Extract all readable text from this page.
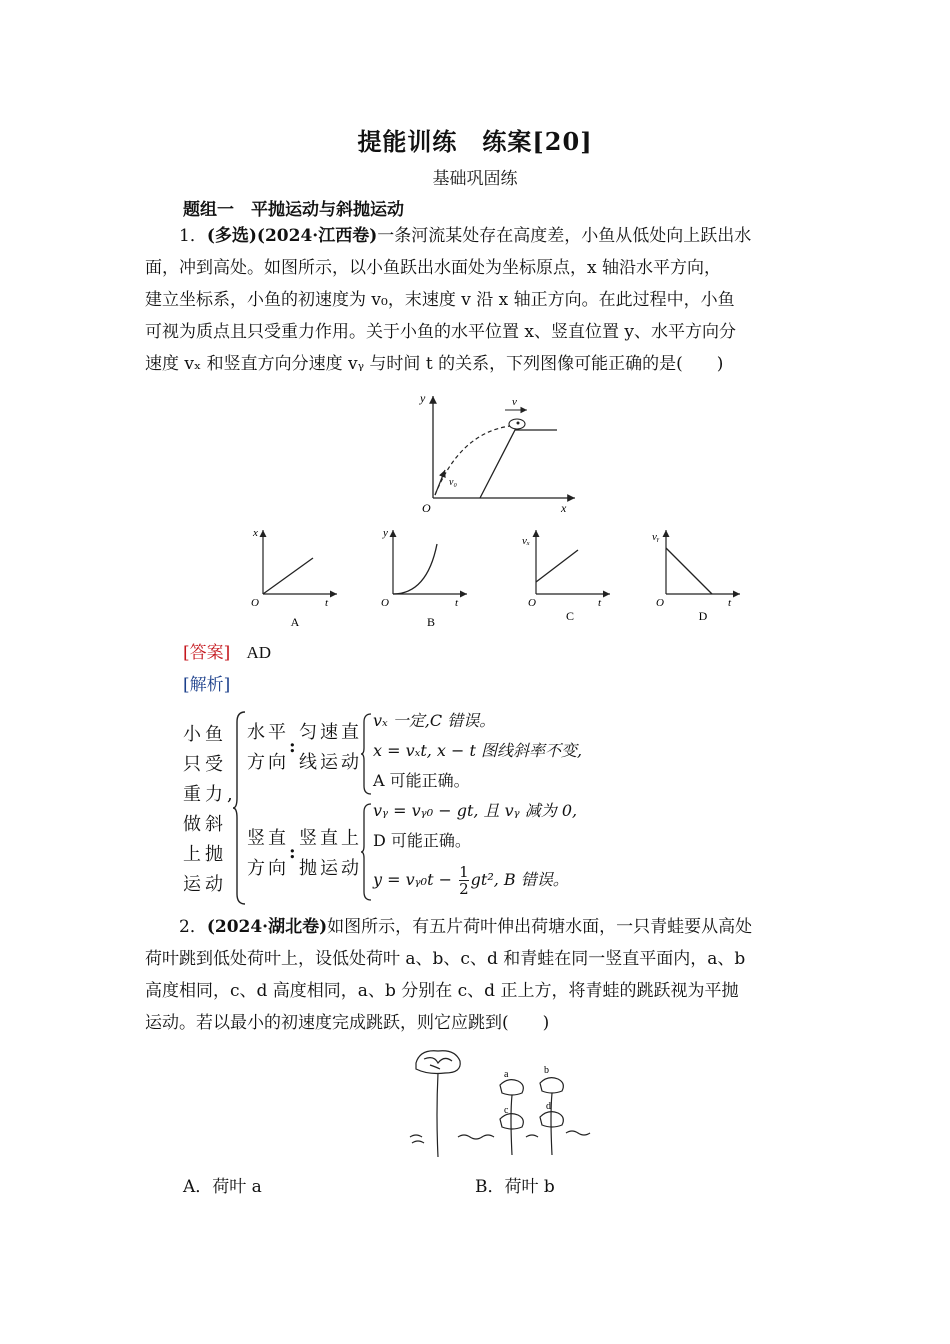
提能训练　练案[20]
基础巩固练
题组一　平抛运动与斜抛运动
1．(多选)(2024·江西卷)一条河流某处存在高度差，小鱼从低处向上跃出水
面，冲到高处。如图所示，以小鱼跃出水面处为坐标原点，x 轴沿水平方向，
建立坐标系，小鱼的初速度为 v₀，末速度 v 沿 x 轴正方向。在此过程中，小鱼
可视为质点且只受重力作用。关于小鱼的水平位置 x、竖直位置 y、水平方向分
速度 vₓ 和竖直方向分速度 vᵧ 与时间 t 的关系，下列图像可能正确的是(　　)
y
x
O
v
v₀
x
t
O
A
y
t
O
B
vₓ
t
O
C
vᵧ
t
O
D
[答案] AD
[解析]
小鱼
只受
重力,
做斜
上抛
运动
水平
方向
:
匀速直
线运动
vₓ 一定,C 错误。
x = vₓt, x − t 图线斜率不变,
A 可能正确。
竖直
方向
:
竖直上
抛运动
vᵧ = vᵧ₀ − gt, 且 vᵧ 减为 0,
D 可能正确。
y = vᵧ₀t − $\frac{1}{2} gt^2$, B 错误。
2．(2024·湖北卷)如图所示，有五片荷叶伸出荷塘水面，一只青蛙要从高处
荷叶跳到低处荷叶上，设低处荷叶 a、b、c、d 和青蛙在同一竖直平面内，a、b
高度相同，c、d 高度相同，a、b 分别在 c、d 正上方，将青蛙的跳跃视为平抛
运动。若以最小的初速度完成跳跃，则它应跳到(　　)
a	b
c	d
A．荷叶 a	B．荷叶 b
